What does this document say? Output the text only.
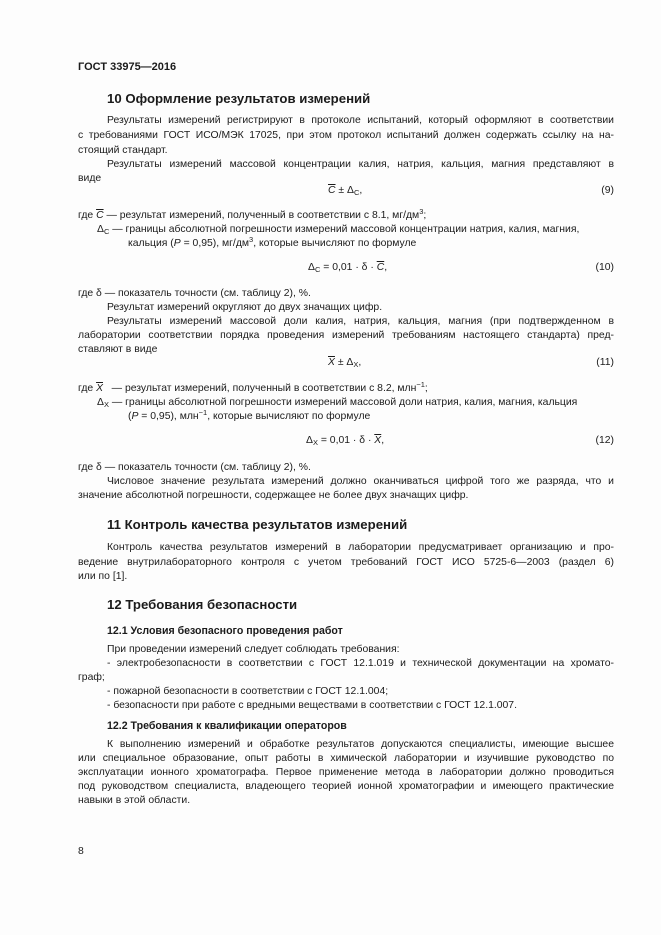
ГОСТ 33975—2016
10 Оформление результатов измерений
Результаты измерений регистрируют в протоколе испытаний, который оформляют в соответствии
с требованиями ГОСТ ИСО/МЭК 17025, при этом протокол испытаний должен содержать ссылку на на-
стоящий стандарт.
Результаты измерений массовой концентрации калия, натрия, кальция, магния представляют в
виде
$\overline{C} \pm \Delta_C$,	(9)
где $\overline{C}$ — результат измерений, полученный в соответствии с 8.1, $мг/дм^3$;
$\Delta_C$ — границы абсолютной погрешности измерений массовой концентрации натрия, калия, магния,
кальция (P = 0,95), $мг/дм^3$, которые вычисляют по формуле
$\Delta_C = 0,01 \cdot \delta \cdot \overline{C}$,	(10)
где δ — показатель точности (см. таблицу 2), %.
Результат измерений округляют до двух значащих цифр.
Результаты измерений массовой доли калия, натрия, кальция, магния (при подтвержденном в
лаборатории соответствии порядка проведения измерений требованиям настоящего стандарта) пред-
ставляют в виде
$\overline{X} \pm \Delta_X$,	(11)
где $\overline{X}$ — результат измерений, полученный в соответствии с 8.2, млн$^{-1}$;
$\Delta_X$ — границы абсолютной погрешности измерений массовой доли натрия, калия, магния, кальция
(P = 0,95), млн$^{-1}$, которые вычисляют по формуле
$\Delta_X = 0,01 \cdot \delta \cdot \overline{X}$,	(12)
где δ — показатель точности (см. таблицу 2), %.
Числовое значение результата измерений должно оканчиваться цифрой того же разряда, что и
значение абсолютной погрешности, содержащее не более двух значащих цифр.
11 Контроль качества результатов измерений
Контроль качества результатов измерений в лаборатории предусматривает организацию и про-
ведение внутрилабораторного контроля с учетом требований ГОСТ ИСО 5725-6—2003 (раздел 6)
или по [1].
12 Требования безопасности
12.1 Условия безопасного проведения работ
При проведении измерений следует соблюдать требования:
- электробезопасности в соответствии с ГОСТ 12.1.019 и технической документации на хромато-
граф;
- пожарной безопасности в соответствии с ГОСТ 12.1.004;
- безопасности при работе с вредными веществами в соответствии с ГОСТ 12.1.007.
12.2 Требования к квалификации операторов
К выполнению измерений и обработке результатов допускаются специалисты, имеющие высшее
или специальное образование, опыт работы в химической лаборатории и изучившие руководство по
эксплуатации ионного хроматографа. Первое применение метода в лаборатории должно проводиться
под руководством специалиста, владеющего теорией ионной хроматографии и имеющего практические
навыки в этой области.
8
